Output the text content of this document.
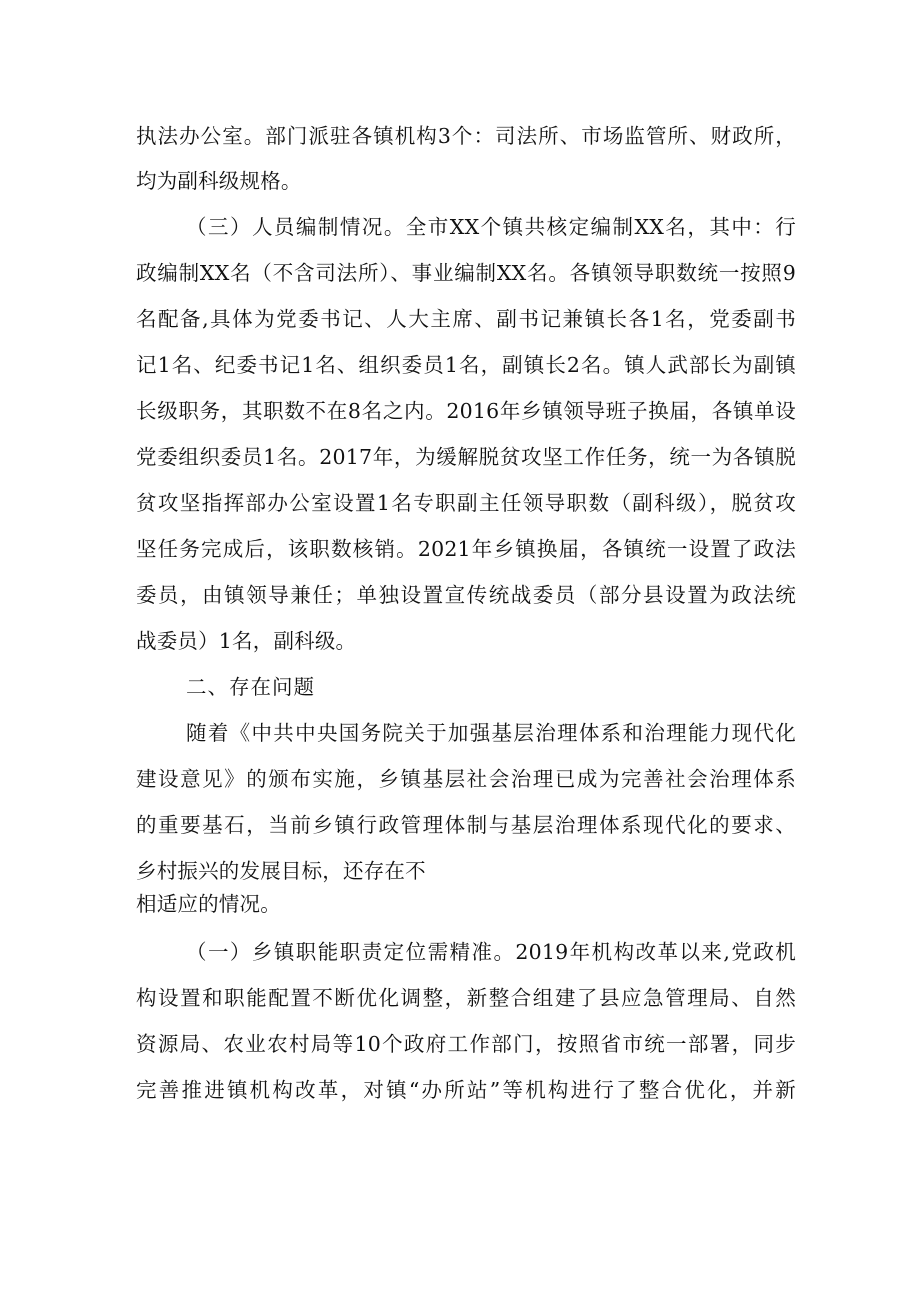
执法办公室。部门派驻各镇机构3个：司法所、市场监管所、财政所，
均为副科级规格。
（三）人员编制情况。全市XX个镇共核定编制XX名，其中：行
政编制XX名（不含司法所）、事业编制XX名。各镇领导职数统一按照9
名配备,具体为党委书记、人大主席、副书记兼镇长各1名，党委副书
记1名、纪委书记1名、组织委员1名，副镇长2名。镇人武部长为副镇
长级职务，其职数不在8名之内。2016年乡镇领导班子换届，各镇单设
党委组织委员1名。2017年，为缓解脱贫攻坚工作任务，统一为各镇脱
贫攻坚指挥部办公室设置1名专职副主任领导职数（副科级），脱贫攻
坚任务完成后，该职数核销。2021年乡镇换届，各镇统一设置了政法
委员，由镇领导兼任；单独设置宣传统战委员（部分县设置为政法统
战委员）1名，副科级。
二、存在问题
随着《中共中央国务院关于加强基层治理体系和治理能力现代化
建设意见》的颁布实施，乡镇基层社会治理已成为完善社会治理体系
的重要基石，当前乡镇行政管理体制与基层治理体系现代化的要求、
乡村振兴的发展目标，还存在不
相适应的情况。
（一）乡镇职能职责定位需精准。2019年机构改革以来,党政机
构设置和职能配置不断优化调整，新整合组建了县应急管理局、自然
资源局、农业农村局等10个政府工作部门，按照省市统一部署，同步
完善推进镇机构改革，对镇“办所站”等机构进行了整合优化，并新
